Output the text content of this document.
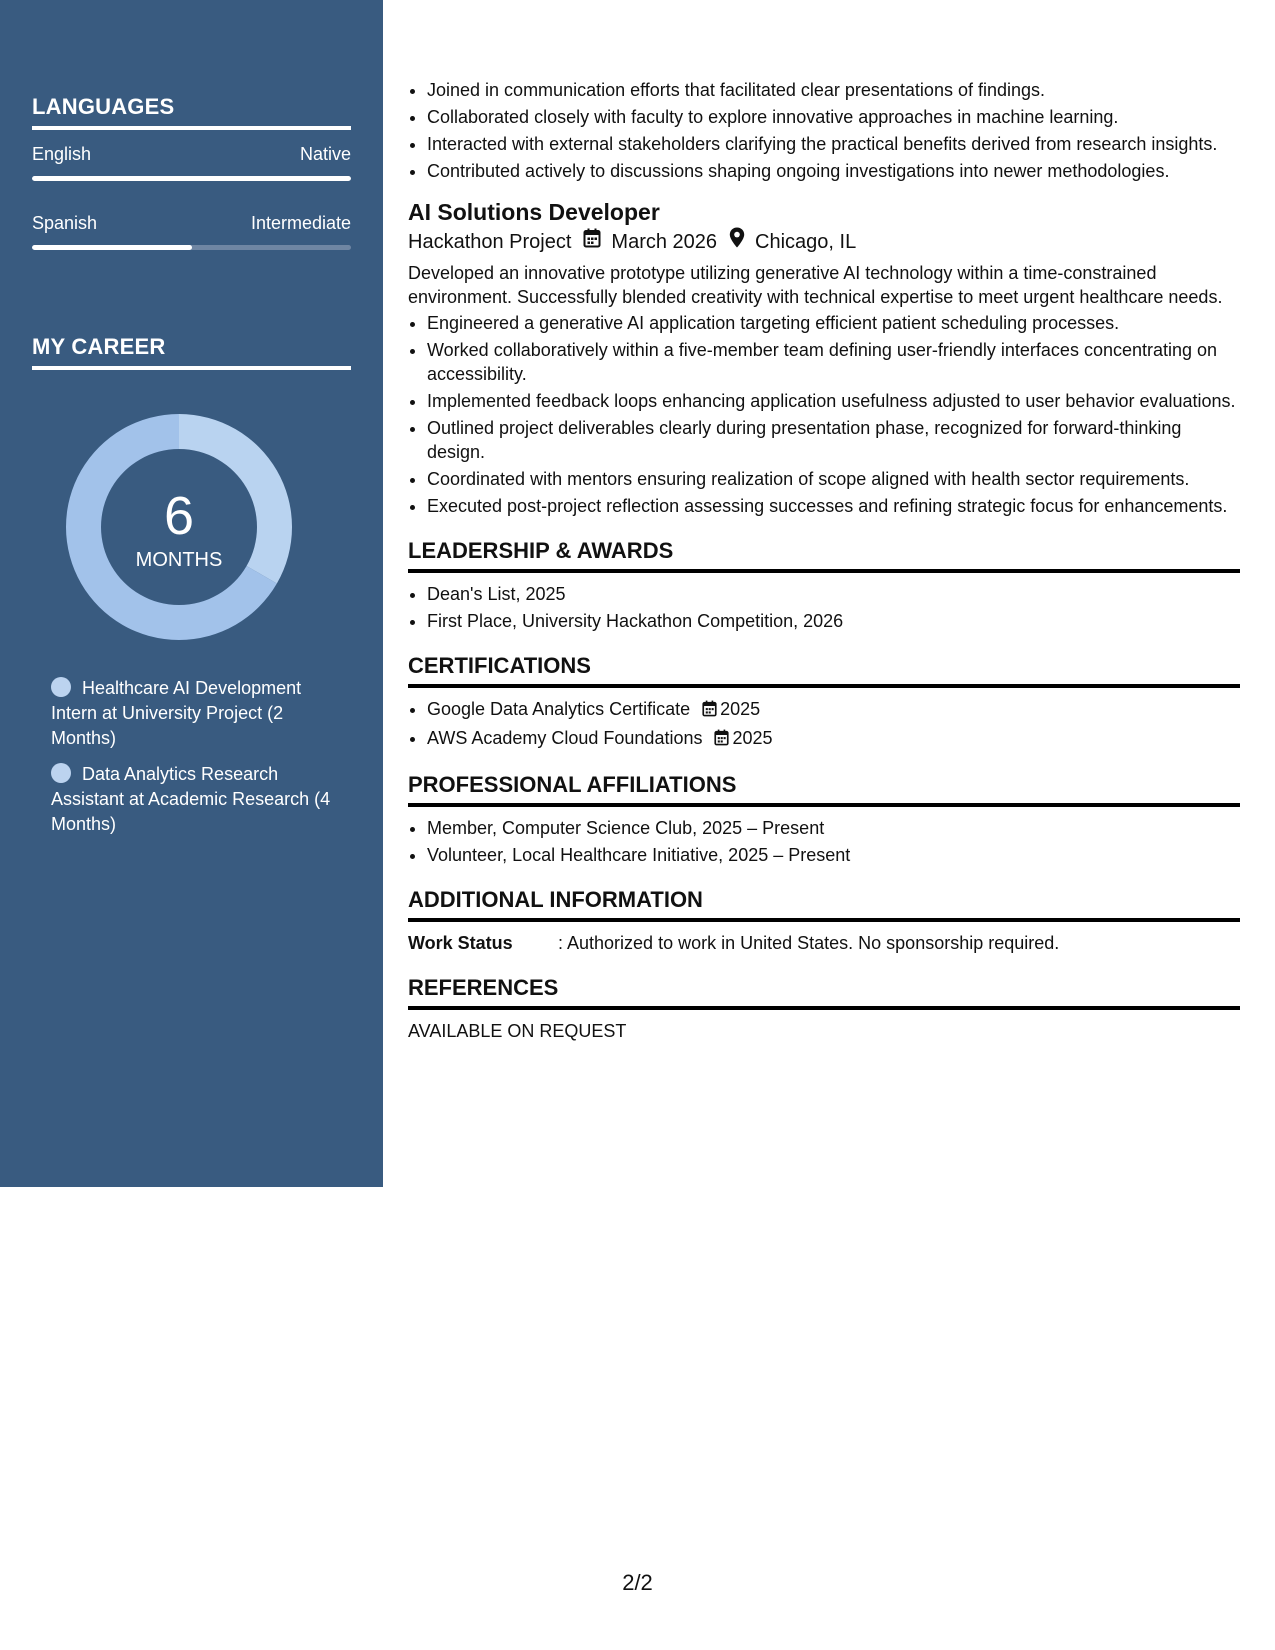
LANGUAGES
English	Native
Spanish	Intermediate
MY CAREER
6
MONTHS
Healthcare AI Development Intern at University Project (2 Months)
Data Analytics Research Assistant at Academic Research (4 Months)
• Joined in communication efforts that facilitated clear presentations of findings.
• Collaborated closely with faculty to explore innovative approaches in machine learning.
• Interacted with external stakeholders clarifying the practical benefits derived from research insights.
• Contributed actively to discussions shaping ongoing investigations into newer methodologies.
AI Solutions Developer
Hackathon Project March 2026 Chicago, IL
Developed an innovative prototype utilizing generative AI technology within a time-constrained environment. Successfully blended creativity with technical expertise to meet urgent healthcare needs.
• Engineered a generative AI application targeting efficient patient scheduling processes.
• Worked collaboratively within a five-member team defining user-friendly interfaces concentrating on accessibility.
• Implemented feedback loops enhancing application usefulness adjusted to user behavior evaluations.
• Outlined project deliverables clearly during presentation phase, recognized for forward-thinking design.
• Coordinated with mentors ensuring realization of scope aligned with health sector requirements.
• Executed post-project reflection assessing successes and refining strategic focus for enhancements.
LEADERSHIP & AWARDS
• Dean's List, 2025
• First Place, University Hackathon Competition, 2026
CERTIFICATIONS
• Google Data Analytics Certificate 2025
• AWS Academy Cloud Foundations 2025
PROFESSIONAL AFFILIATIONS
• Member, Computer Science Club, 2025 – Present
• Volunteer, Local Healthcare Initiative, 2025 – Present
ADDITIONAL INFORMATION
Work Status	: Authorized to work in United States. No sponsorship required.
REFERENCES
AVAILABLE ON REQUEST
2/2
